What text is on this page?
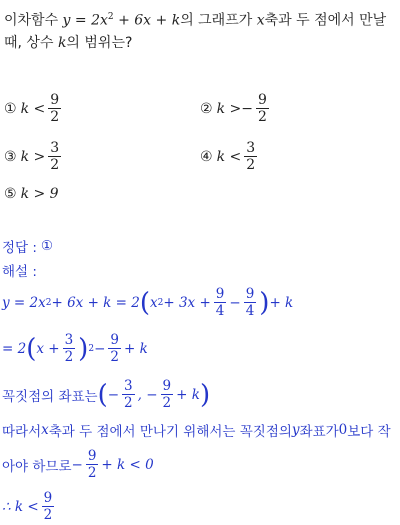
이차함수 $y = 2x^2 + 6x + k$의 그래프가 x축과 두 점에서 만날 때, 상수 k의 범위는?
① $k < \frac{9}{2}$	② $k >- \frac{9}{2}$
③ $k > \frac{3}{2}$	④ $k < \frac{3}{2}$
⑤ k > 9
정답 : ①
해설 :
y = 2x 2 + 6x + k = 2 ( x $2 + 3x + \frac{9}{4} - \frac{9}{4}$ ) + k
= 2 ( $x + \frac{3}{2}$ ) $2 - \frac{9}{2} + k$
꼭짓점의 좌표는 ( − $\frac{3}{2}$ , − $\frac{9}{2} + k$ )
따라서 x 축과 두 점에서 만나기 위해서는 꼭짓점의 y 좌표가 0 보다 작
아야 하므로 − $\frac{9}{2} + k < 0$
∴ $k < \frac{9}{2}$
